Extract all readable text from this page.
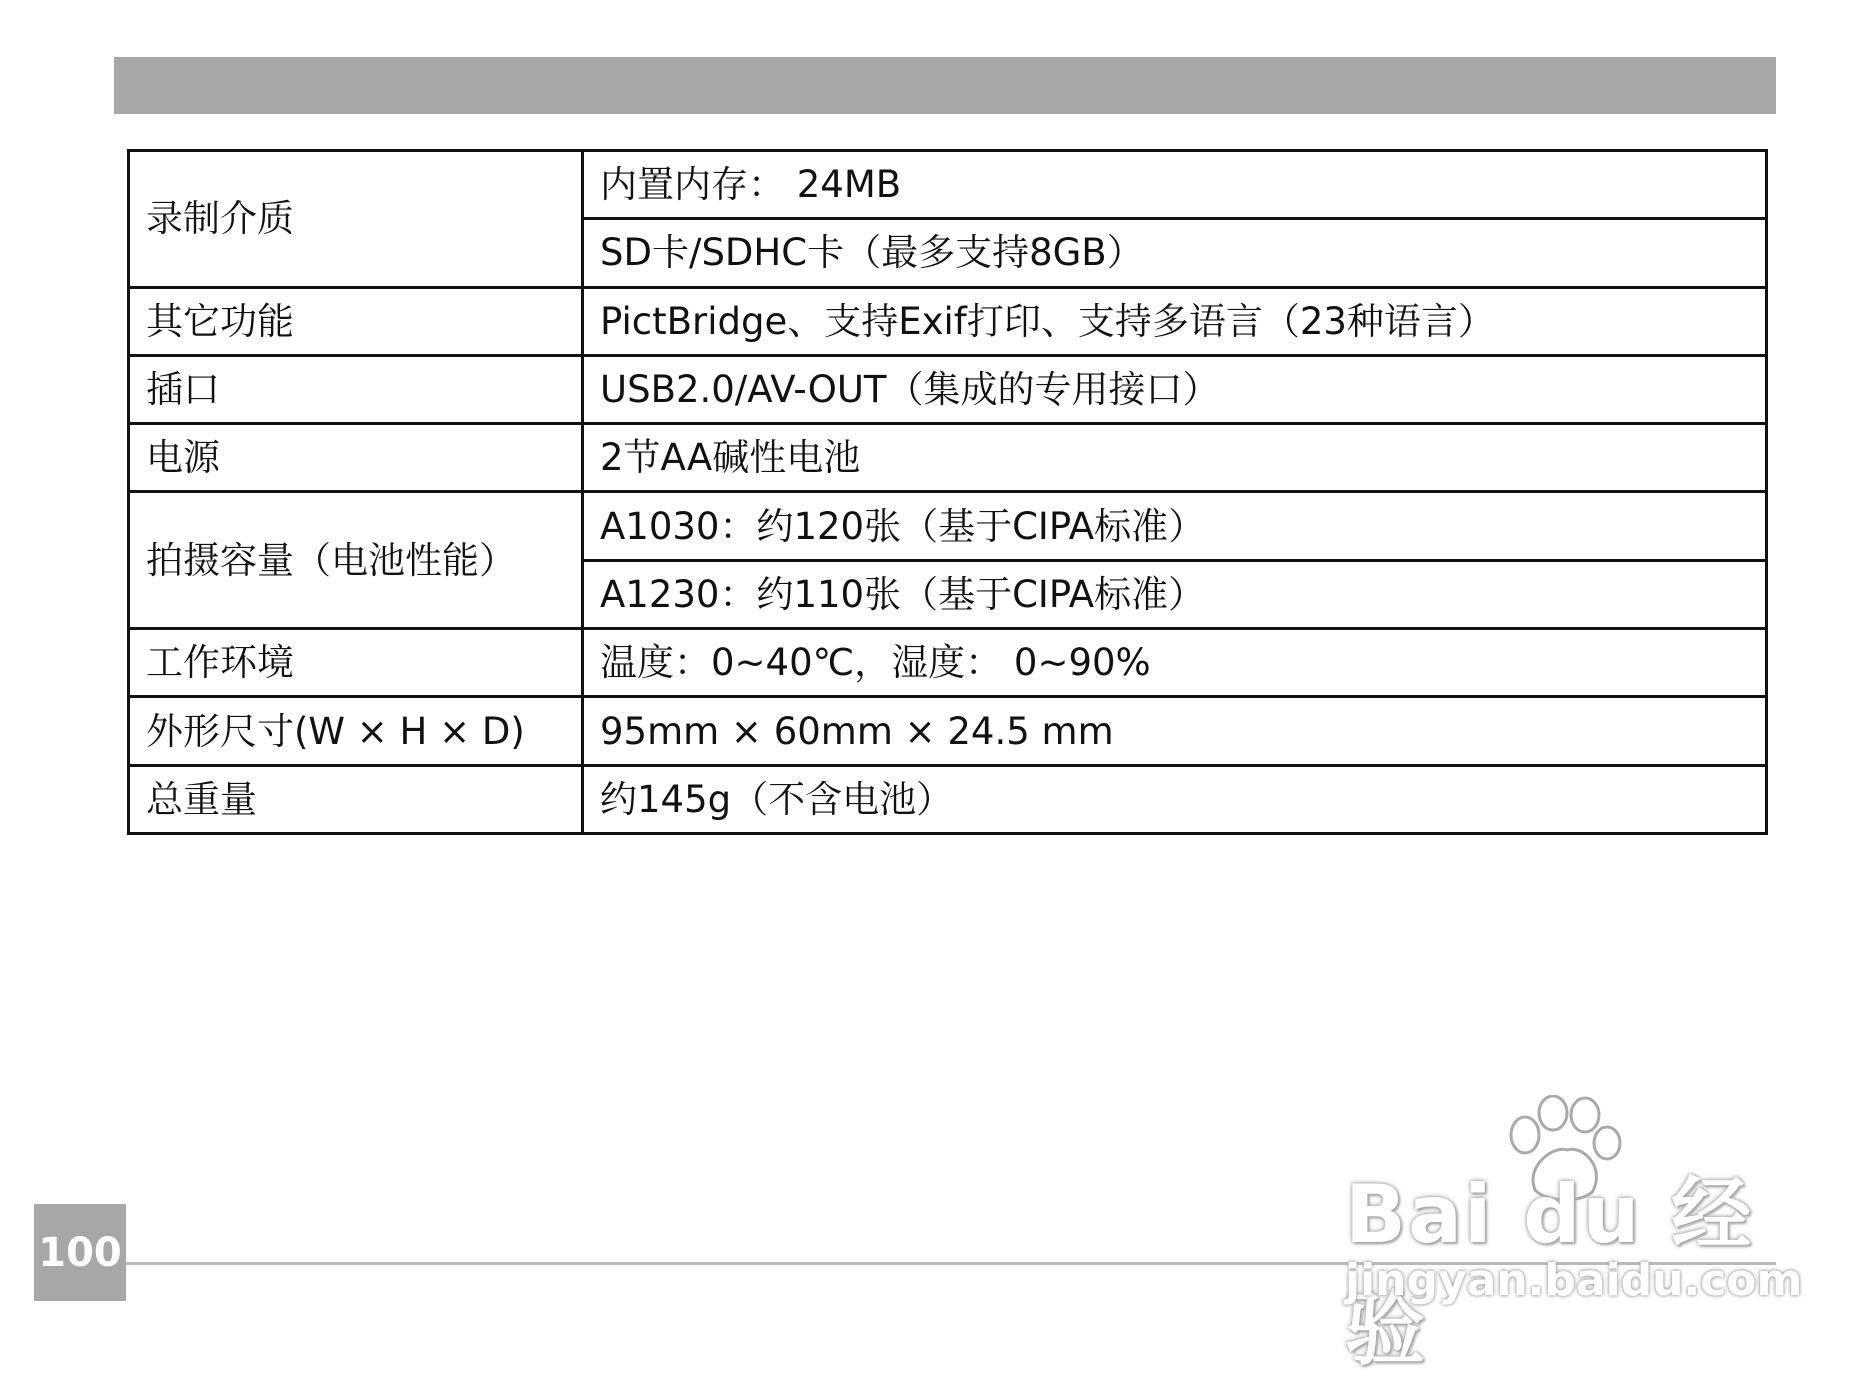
录制介质	内置内存： 24MB
	SD卡/SDHC卡（最多支持8GB）
其它功能	PictBridge、支持Exif打印、支持多语言（23种语言）
插口	USB2.0/AV-OUT（集成的专用接口）
电源	2节AA碱性电池
拍摄容量（电池性能）	A1030：约120张（基于CIPA标准）
	A1230：约110张（基于CIPA标准）
工作环境	温度：0~40℃，湿度： 0~90%
外形尺寸(W × H × D)	95mm × 60mm × 24.5 mm
总重量	约145g（不含电池）
100	Bai du 经验
jingyan.baidu.com
